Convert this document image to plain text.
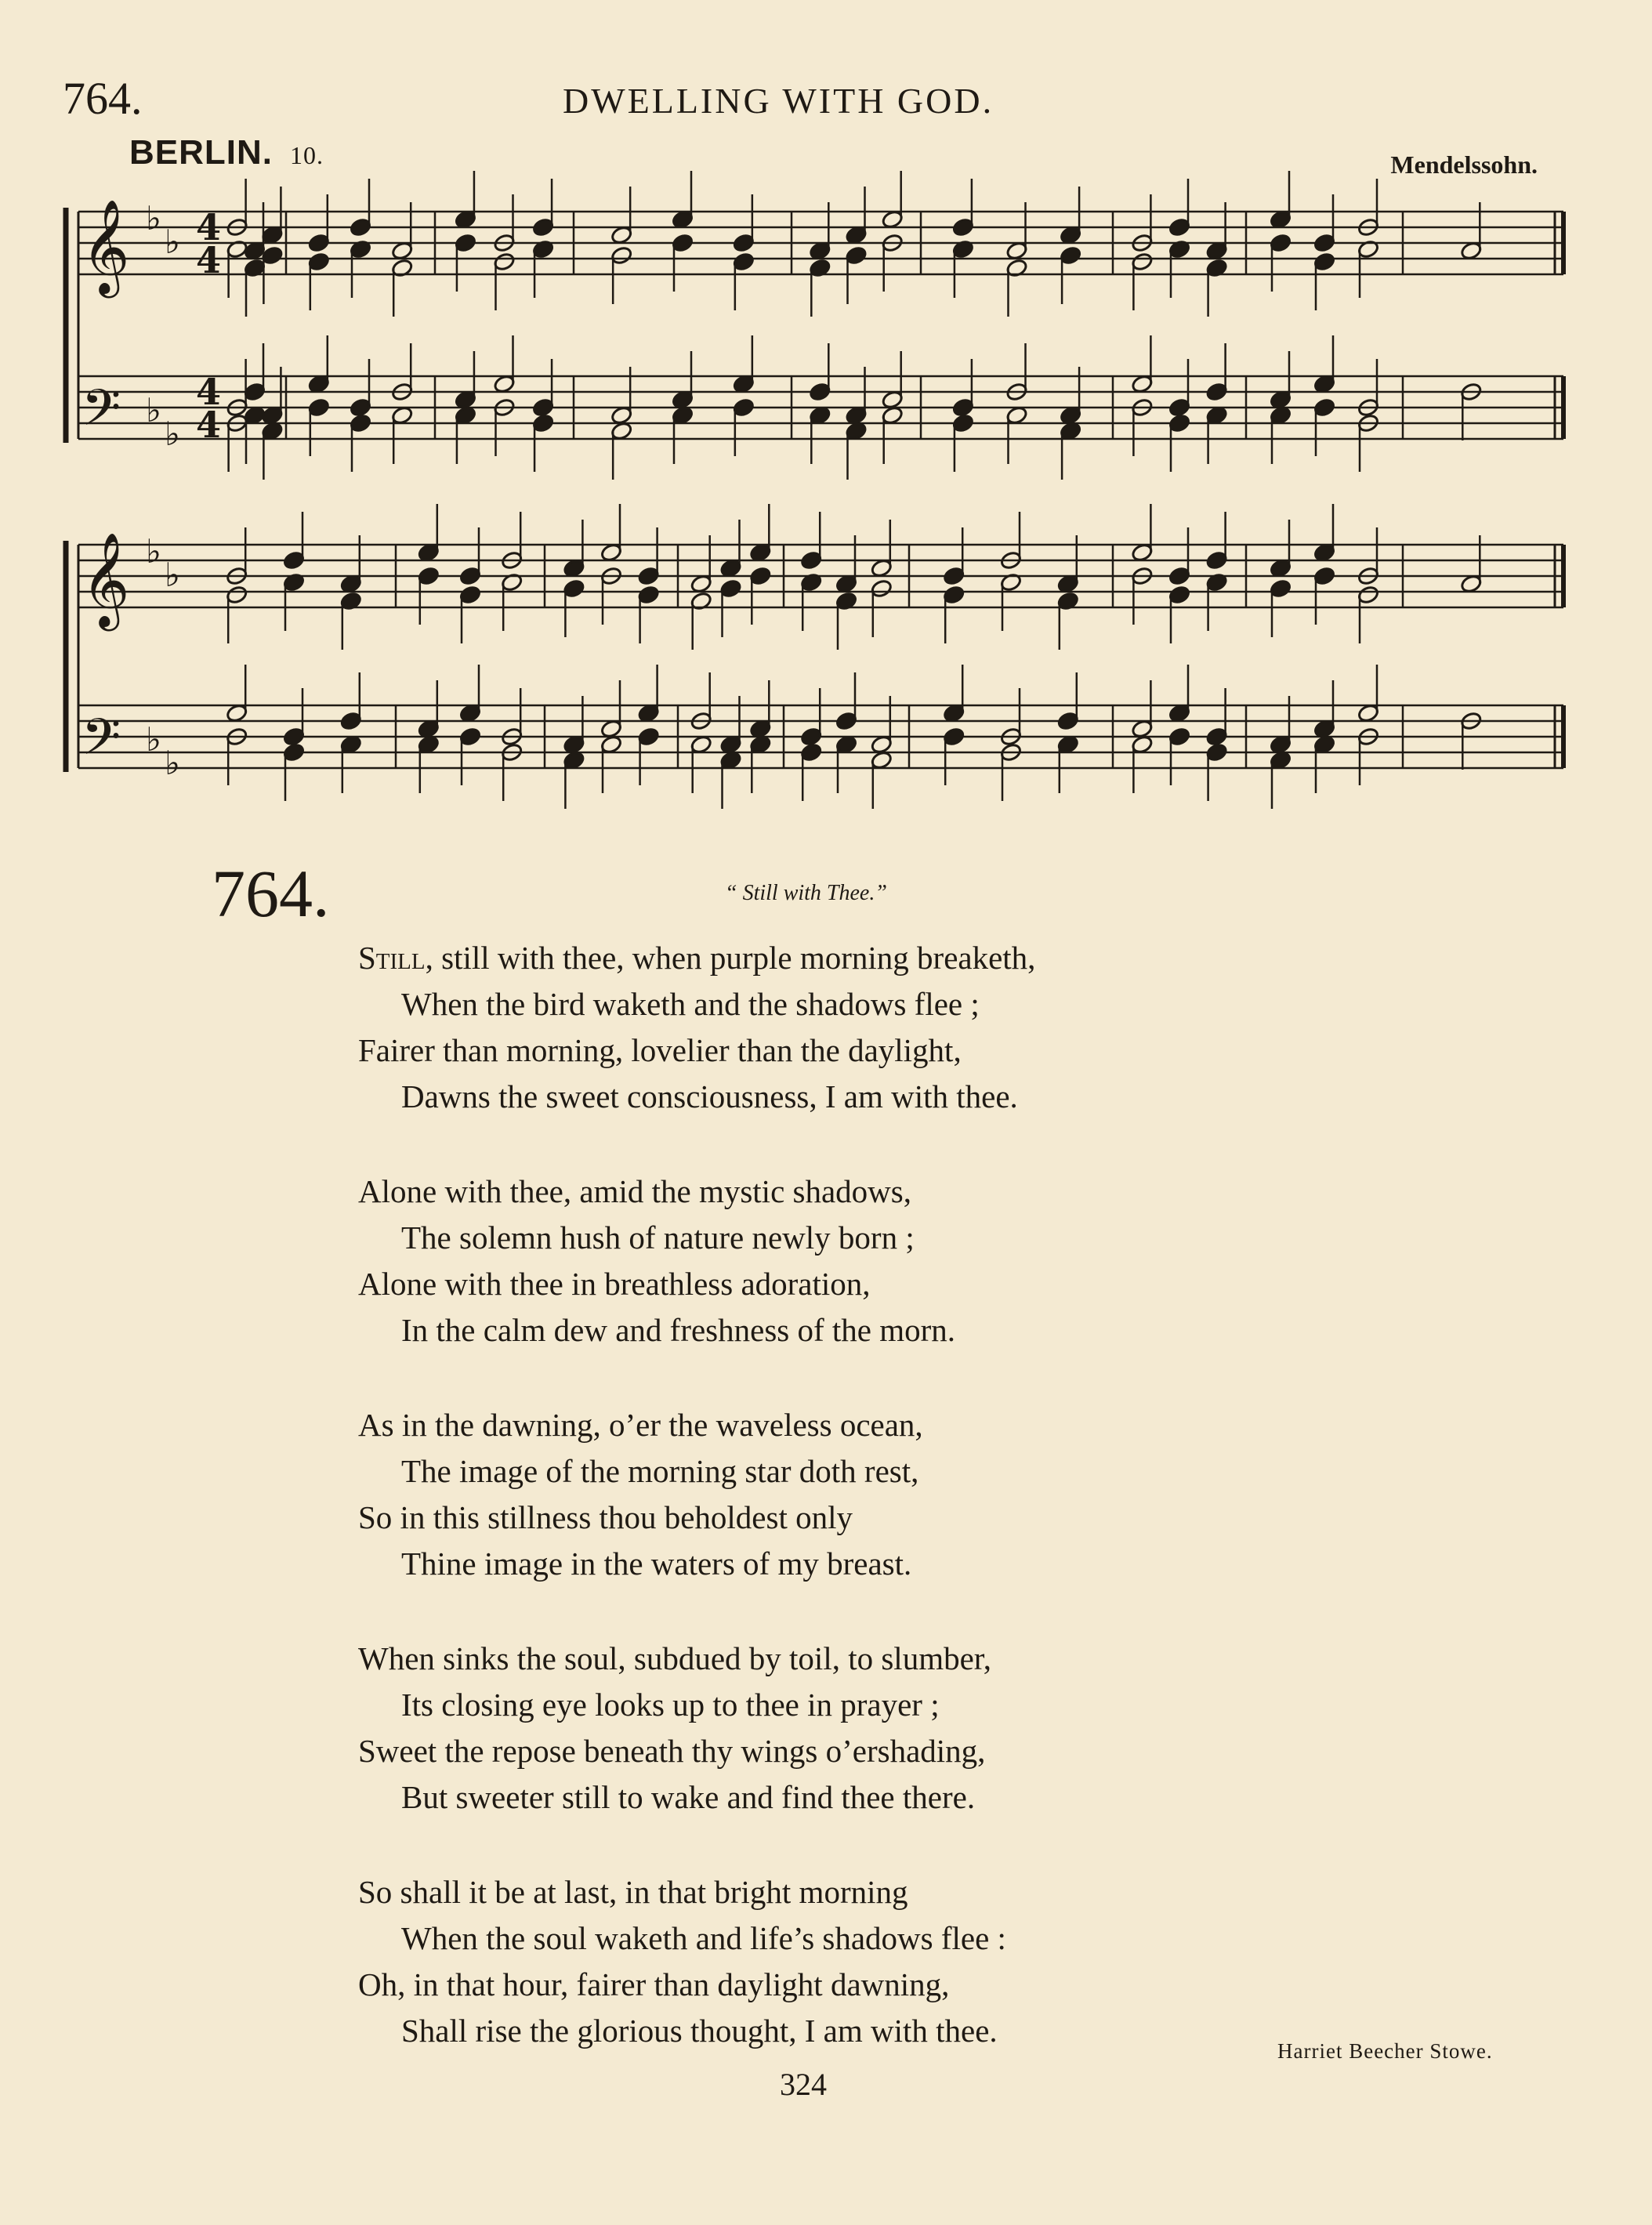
764.	DWELLING WITH GOD.
BERLIN. 10.	Mendelssohn.
𝄞
𝄢
𝄞
𝄢
♭
♭
♭
♭
♭
♭
♭
♭
4
4
4
4
764.	“ Still with Thee.”
Still, still with thee, when purple morning breaketh,
When the bird waketh and the shadows flee ;
Fairer than morning, lovelier than the daylight,
Dawns the sweet consciousness, I am with thee.
Alone with thee, amid the mystic shadows,
The solemn hush of nature newly born ;
Alone with thee in breathless adoration,
In the calm dew and freshness of the morn.
As in the dawning, o’er the waveless ocean,
The image of the morning star doth rest,
So in this stillness thou beholdest only
Thine image in the waters of my breast.
When sinks the soul, subdued by toil, to slumber,
Its closing eye looks up to thee in prayer ;
Sweet the repose beneath thy wings o’ershading,
But sweeter still to wake and find thee there.
So shall it be at last, in that bright morning
When the soul waketh and life’s shadows flee :
Oh, in that hour, fairer than daylight dawning,
Shall rise the glorious thought, I am with thee.
Harriet Beecher Stowe.
324
